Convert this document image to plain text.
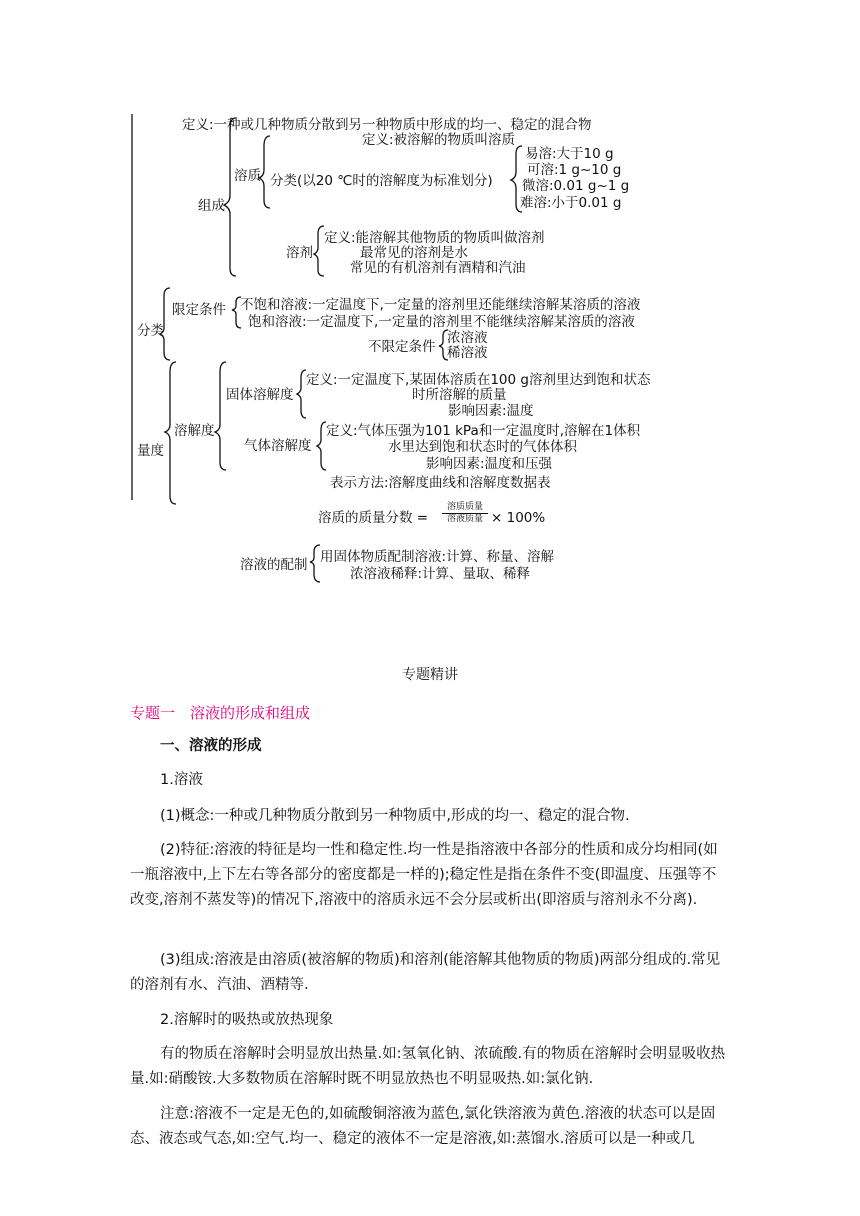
定义:一种或几种物质分散到另一种物质中形成的均一、稳定的混合物
组成
溶质
定义:被溶解的物质叫溶质
分类(以20 ℃时的溶解度为标准划分)
易溶:大于10 g
可溶:1 g~10 g
微溶:0.01 g~1 g
难溶:小于0.01 g
溶剂
定义:能溶解其他物质的物质叫做溶剂
最常见的溶剂是水
常见的有机溶剂有酒精和汽油
分类
限定条件 不饱和溶液:一定温度下,一定量的溶剂里还能继续溶解某溶质的溶液
饱和溶液:一定温度下,一定量的溶剂里不能继续溶解某溶质的溶液
不限定条件
浓溶液
稀溶液
量度
溶解度
固体溶解度
定义:一定温度下,某固体溶质在100 g溶剂里达到饱和状态
时所溶解的质量
影响因素:温度
气体溶解度
定义:气体压强为101 kPa和一定温度时,溶解在1体积
水里达到饱和状态时的气体体积
影响因素:温度和压强
表示方法:溶解度曲线和溶解度数据表
溶质的质量分数 =
溶质质量
溶液质量 × 100%
溶液的配制 用固体物质配制溶液:计算、称量、溶解
浓溶液稀释:计算、量取、稀释
专题精讲
专题一　溶液的形成和组成
一、溶液的形成
1.溶液
(1)概念:一种或几种物质分散到另一种物质中,形成的均一、稳定的混合物.
(2)特征:溶液的特征是均一性和稳定性.均一性是指溶液中各部分的性质和成分均相同(如一瓶溶液中,上下左右等各部分的密度都是一样的);稳定性是指在条件不变(即温度、压强等不改变,溶剂不蒸发等)的情况下,溶液中的溶质永远不会分层或析出(即溶质与溶剂永不分离).
(3)组成:溶液是由溶质(被溶解的物质)和溶剂(能溶解其他物质的物质)两部分组成的.常见的溶剂有水、汽油、酒精等.
2.溶解时的吸热或放热现象
有的物质在溶解时会明显放出热量.如:氢氧化钠、浓硫酸.有的物质在溶解时会明显吸收热量.如:硝酸铵.大多数物质在溶解时既不明显放热也不明显吸热.如:氯化钠.
注意:溶液不一定是无色的,如硫酸铜溶液为蓝色,氯化铁溶液为黄色.溶液的状态可以是固态、液态或气态,如:空气.均一、稳定的液体不一定是溶液,如:蒸馏水.溶质可以是一种或几
